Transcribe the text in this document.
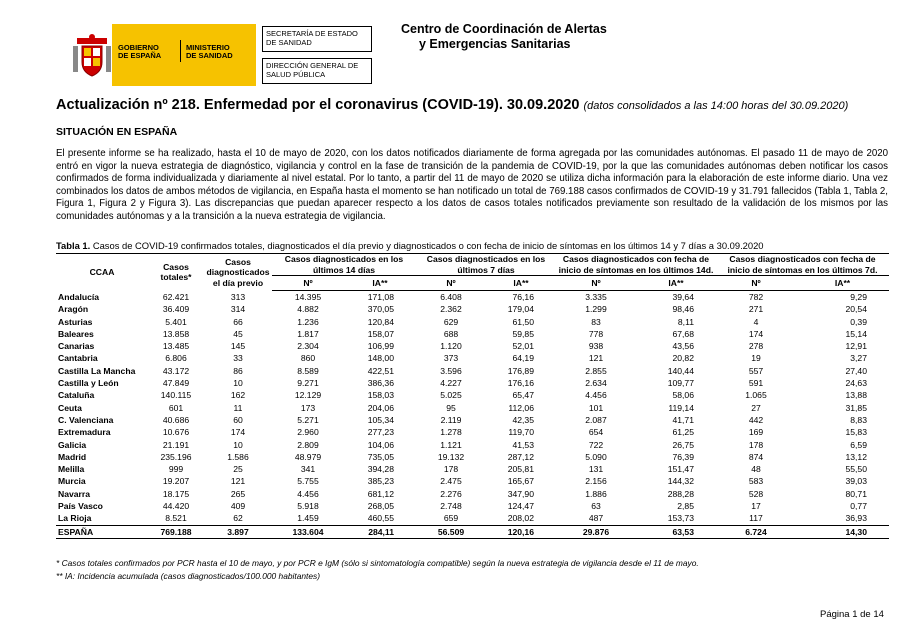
GOBIERNO
DE ESPAÑA
MINISTERIO
DE SANIDAD
SECRETARÍA DE ESTADO
DE SANIDAD
DIRECCIÓN GENERAL DE
SALUD PÚBLICA
Centro de Coordinación de Alertas
y Emergencias Sanitarias
Actualización nº 218. Enfermedad por el coronavirus (COVID-19). 30.09.2020 (datos consolidados a las 14:00 horas del 30.09.2020)
SITUACIÓN EN ESPAÑA
El presente informe se ha realizado, hasta el 10 de mayo de 2020, con los datos notificados diariamente de forma agregada por las comunidades autónomas. El pasado 11 de mayo de 2020 entró en vigor la nueva estrategia de diagnóstico, vigilancia y control en la fase de transición de la pandemia de COVID-19, por la que las comunidades autónomas deben notificar los casos confirmados de forma individualizada y diariamente al nivel estatal. Por lo tanto, a partir del 11 de mayo de 2020 se utiliza dicha información para la elaboración de este informe diario. Una vez combinados los datos de ambos métodos de vigilancia, en España hasta el momento se han notificado un total de 769.188 casos confirmados de COVID-19 y 31.791 fallecidos (Tabla 1, Tabla 2, Figura 1, Figura 2 y Figura 3). Las discrepancias que puedan aparecer respecto a los datos de casos totales notificados previamente son resultado de la validación de los mismos por las comunidades autónomas y a la transición a la nueva estrategia de vigilancia.
Tabla 1. Casos de COVID-19 confirmados totales, diagnosticados el día previo y diagnosticados o con fecha de inicio de síntomas en los últimos 14 y 7 días a 30.09.2020
CCAA	Casos totales*	Casos diagnosticados el día previo	Casos diagnosticados en los últimos 14 días		Casos diagnosticados en los últimos 7 días		Casos diagnosticados con fecha de inicio de síntomas en los últimos 14d.		Casos diagnosticados con fecha de inicio de síntomas en los últimos 7d.	
			Nº	IA**	Nº	IA**	Nº	IA**	Nº	IA**
Andalucía	62.421	313	14.395	171,08	6.408	76,16	3.335	39,64	782	9,29
Aragón	36.409	314	4.882	370,05	2.362	179,04	1.299	98,46	271	20,54
Asturias	5.401	66	1.236	120,84	629	61,50	83	8,11	4	0,39
Baleares	13.858	45	1.817	158,07	688	59,85	778	67,68	174	15,14
Canarias	13.485	145	2.304	106,99	1.120	52,01	938	43,56	278	12,91
Cantabria	6.806	33	860	148,00	373	64,19	121	20,82	19	3,27
Castilla La Mancha	43.172	86	8.589	422,51	3.596	176,89	2.855	140,44	557	27,40
Castilla y León	47.849	10	9.271	386,36	4.227	176,16	2.634	109,77	591	24,63
Cataluña	140.115	162	12.129	158,03	5.025	65,47	4.456	58,06	1.065	13,88
Ceuta	601	11	173	204,06	95	112,06	101	119,14	27	31,85
C. Valenciana	40.686	60	5.271	105,34	2.119	42,35	2.087	41,71	442	8,83
Extremadura	10.676	174	2.960	277,23	1.278	119,70	654	61,25	169	15,83
Galicia	21.191	10	2.809	104,06	1.121	41,53	722	26,75	178	6,59
Madrid	235.196	1.586	48.979	735,05	19.132	287,12	5.090	76,39	874	13,12
Melilla	999	25	341	394,28	178	205,81	131	151,47	48	55,50
Murcia	19.207	121	5.755	385,23	2.475	165,67	2.156	144,32	583	39,03
Navarra	18.175	265	4.456	681,12	2.276	347,90	1.886	288,28	528	80,71
País Vasco	44.420	409	5.918	268,05	2.748	124,47	63	2,85	17	0,77
La Rioja	8.521	62	1.459	460,55	659	208,02	487	153,73	117	36,93
ESPAÑA	769.188	3.897	133.604	284,11	56.509	120,16	29.876	63,53	6.724	14,30
* Casos totales confirmados por PCR hasta el 10 de mayo, y por PCR e IgM (sólo si sintomatología compatible) según la nueva estrategia de vigilancia desde el 11 de mayo.
** IA: Incidencia acumulada (casos diagnosticados/100.000 habitantes)
Página 1 de 14
